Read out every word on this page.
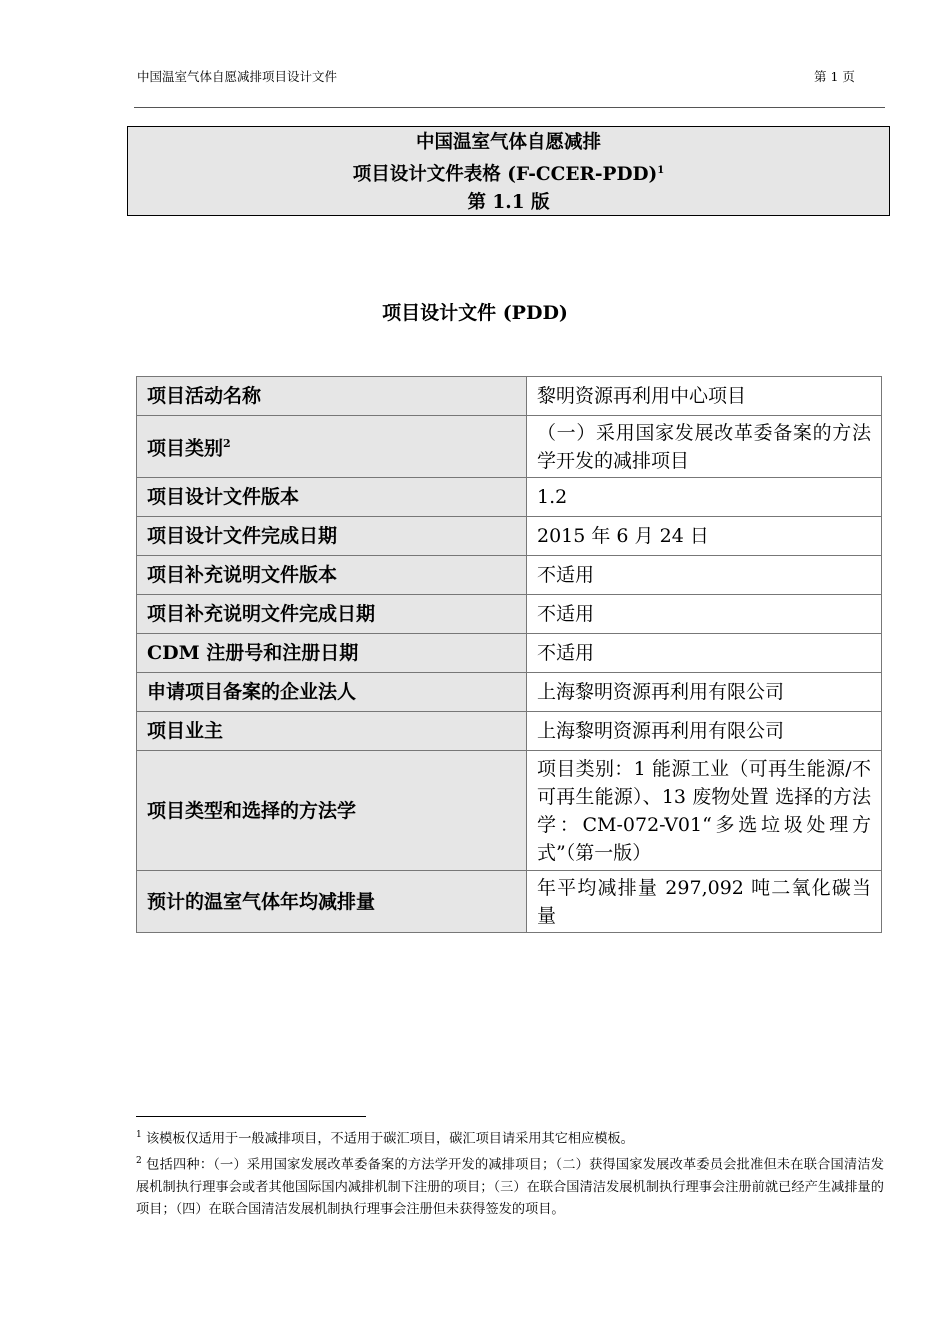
中国温室气体自愿减排项目设计文件	第 1 页
中国温室气体自愿减排
项目设计文件表格 (F-CCER-PDD)$^1$
第 1.1 版
项目设计文件 (PDD)
项目活动名称	黎明资源再利用中心项目
项目类别$^2$	（一）采用国家发展改革委备案的方法学开发的减排项目
项目设计文件版本	1.2
项目设计文件完成日期	2015 年 6 月 24 日
项目补充说明文件版本	不适用
项目补充说明文件完成日期	不适用
CDM 注册号和注册日期	不适用
申请项目备案的企业法人	上海黎明资源再利用有限公司
项目业主	上海黎明资源再利用有限公司
项目类型和选择的方法学	项目类别：1 能源工业（可再生能源/不可再生能源）、13 废物处置 选择的方法学：CM-072-V01“多选垃圾处理方式”（第一版）
预计的温室气体年均减排量	年平均减排量 297,092 吨二氧化碳当量

$^1$ 该模板仅适用于一般减排项目，不适用于碳汇项目，碳汇项目请采用其它相应模板。

$^2$ 包括四种：（一）采用国家发展改革委备案的方法学开发的减排项目；（二）获得国家发展改革委员会批准但未在联合国清洁发展机制执行理事会或者其他国际国内减排机制下注册的项目；（三）在联合国清洁发展机制执行理事会注册前就已经产生减排量的项目；（四）在联合国清洁发展机制执行理事会注册但未获得签发的项目。
